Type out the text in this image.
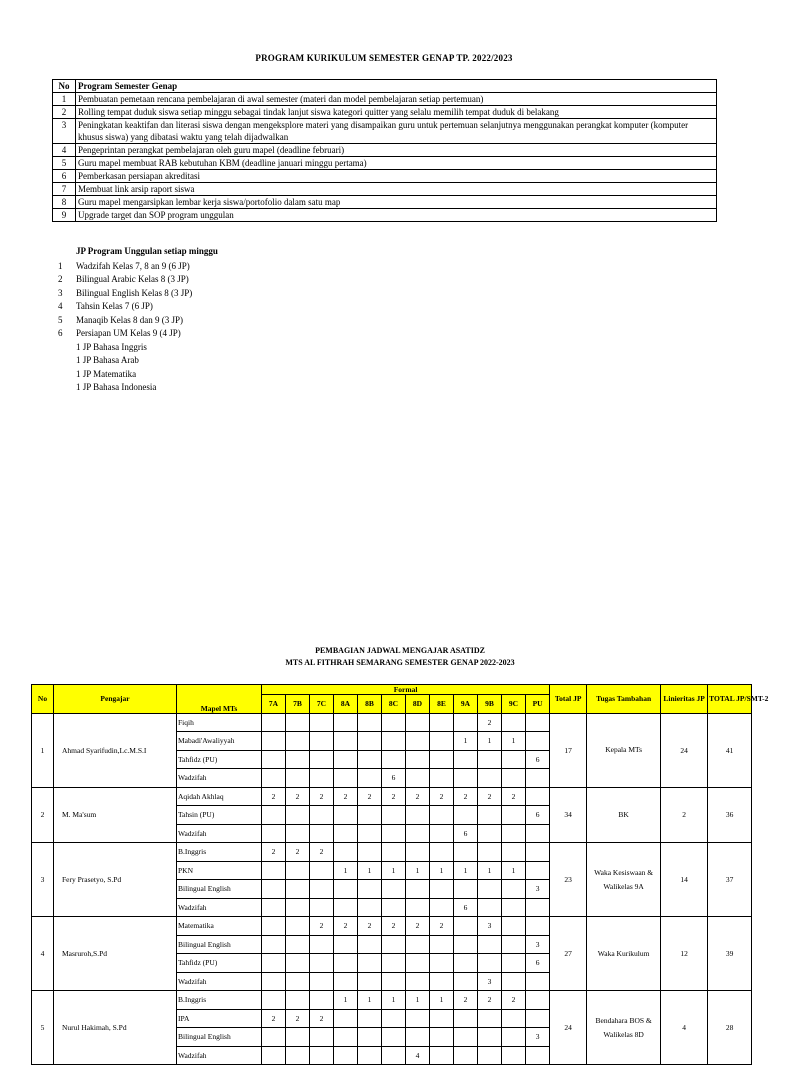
PROGRAM KURIKULUM SEMESTER GENAP TP. 2022/2023
No	Program Semester Genap
1	Pembuatan pemetaan rencana pembelajaran di awal semester (materi dan model pembelajaran setiap pertemuan)
2	Rolling tempat duduk siswa setiap minggu sebagai tindak lanjut siswa kategori quitter yang selalu memilih tempat duduk di belakang
3	Peningkatan keaktifan dan literasi siswa dengan mengeksplore materi yang disampaikan guru untuk pertemuan selanjutnya menggunakan perangkat komputer (komputer khusus siswa) yang dibatasi waktu yang telah dijadwalkan
4	Pengeprintan perangkat pembelajaran oleh guru mapel (deadline februari)
5	Guru mapel membuat RAB kebutuhan KBM (deadline januari minggu pertama)
6	Pemberkasan persiapan akreditasi
7	Membuat link arsip raport siswa
8	Guru mapel mengarsipkan lembar kerja siswa/portofolio dalam satu map
9	Upgrade target dan SOP program unggulan
JP Program Unggulan setiap minggu
1	Wadzifah Kelas 7, 8 an 9 (6 JP)
2	Bilingual Arabic Kelas 8 (3 JP)
3	Bilingual English Kelas 8 (3 JP)
4	Tahsin Kelas 7 (6 JP)
5	Manaqib Kelas 8 dan 9 (3 JP)
6	Persiapan UM Kelas 9 (4 JP)
1 JP Bahasa Inggris
1 JP Bahasa Arab
1 JP Matematika
1 JP Bahasa Indonesia
PEMBAGIAN JADWAL MENGAJAR ASATIDZ
MTS AL FITHRAH SEMARANG SEMESTER GENAP 2022-2023
No	Pengajar	Mapel MTs	Formal												Total JP	Tugas Tambahan	Linieritas JP	TOTAL JP/SMT-2
			7A	7B	7C	8A	8B	8C	8D	8E	9A	9B	9C	PU				
1	Ahmad Syarifudin,Lc.M.S.I	Fiqih										2			17	Kepala MTs	24	41
		Mabadi'Awaliyyah									1	1	1					
		Tahfidz (PU)												6				
		Wadzifah						6										
2	M. Ma'sum	Aqidah Akhlaq	2	2	2	2	2	2	2	2	2	2	2		34	BK	2	36
		Tahsin (PU)												6				
		Wadzifah									6							
3	Fery Prasetyo, S.Pd	B.Inggris	2	2	2										23	Waka Kesiswaan & Walikelas 9A	14	37
		PKN				1	1	1	1	1	1	1	1					
		Bilingual English												3				
		Wadzifah									6							
4	Masruroh,S.Pd	Matematika			2	2	2	2	2	2		3			27	Waka Kurikulum	12	39
		Bilingual English												3				
		Tahfidz (PU)												6				
		Wadzifah										3						
5	Nurul Hakimah, S.Pd	B.Inggris				1	1	1	1	1	2	2	2		24	Bendahara BOS & Walikelas 8D	4	28
		IPA	2	2	2													
		Bilingual English												3				
		Wadzifah							4									
